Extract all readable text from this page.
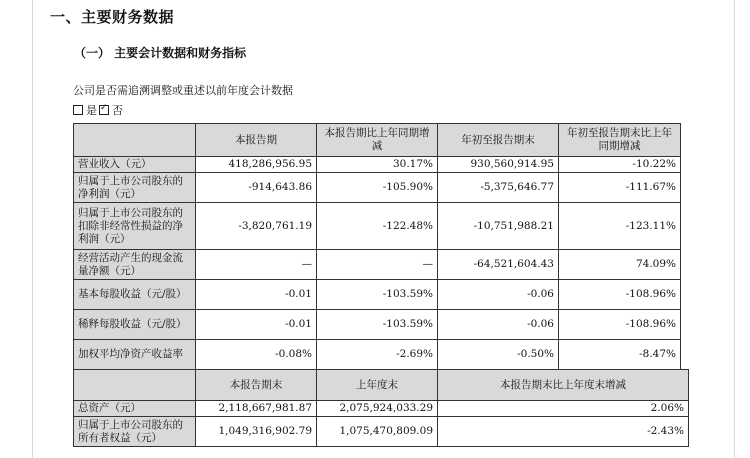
一、主要财务数据
（一） 主要会计数据和财务指标
公司是否需追溯调整或重述以前年度会计数据
是 ✓ 否
	本报告期	本报告期比上年同期增减	年初至报告期末	年初至报告期末比上年同期增减
营业收入（元）	418,286,956.95	30.17%	930,560,914.95	-10.22%
归属于上市公司股东的净利润（元）	-914,643.86	-105.90%	-5,375,646.77	-111.67%
归属于上市公司股东的扣除非经常性损益的净利润（元）	-3,820,761.19	-122.48%	-10,751,988.21	-123.11%
经营活动产生的现金流量净额（元）	—	—	-64,521,604.43	74.09%
基本每股收益（元/股）	-0.01	-103.59%	-0.06	-108.96%
稀释每股收益（元/股）	-0.01	-103.59%	-0.06	-108.96%
加权平均净资产收益率	-0.08%	-2.69%	-0.50%	-8.47%
	本报告期末	上年度末	本报告期末比上年度末增减
总资产（元）	2,118,667,981.87	2,075,924,033.29	2.06%
归属于上市公司股东的所有者权益（元）	1,049,316,902.79	1,075,470,809.09	-2.43%
